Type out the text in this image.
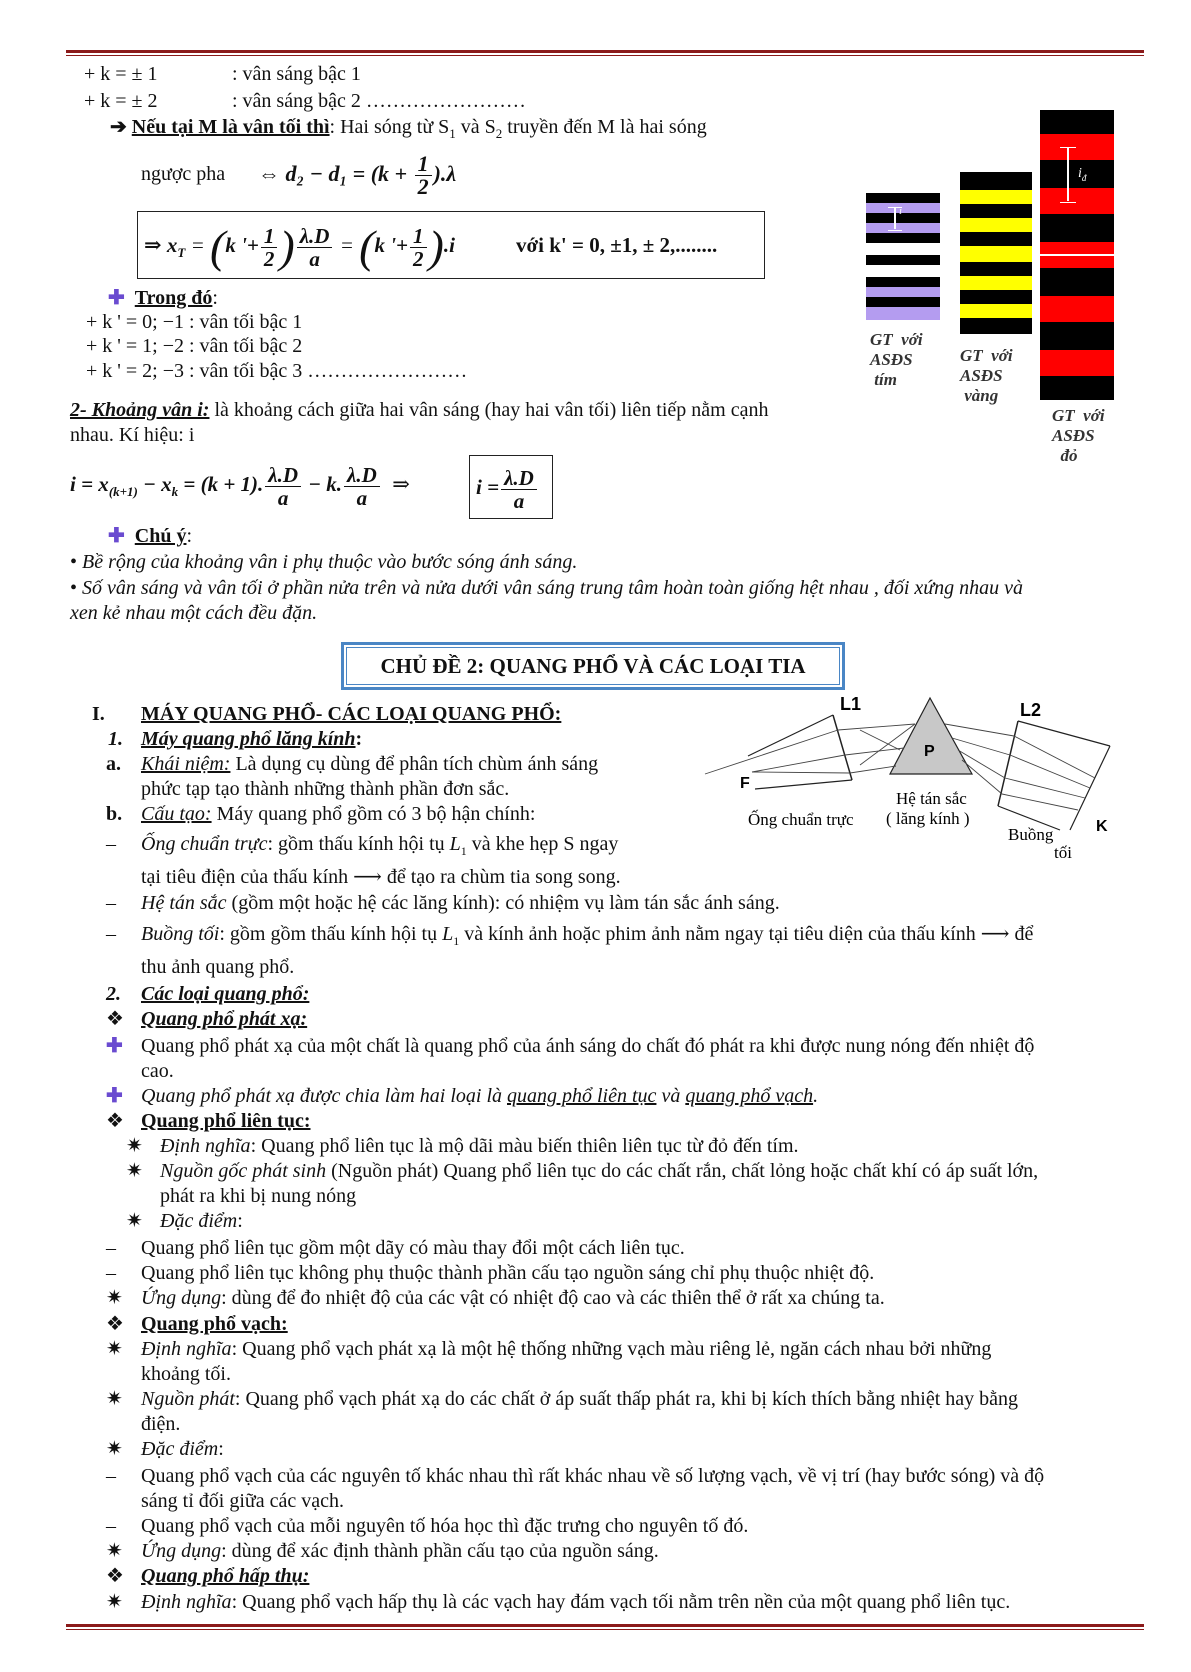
+ k = ± 1	: vân sáng bậc 1
+ k = ± 2	: vân sáng bậc 2 ……………………
➔ Nếu tại M là vân tối thì: Hai sóng từ $S_1$ và $S_2$ truyền đến M là hai sóng
ngược pha ⇔ $d_2 - d_1 = (k + \frac{1}{2} ).\lambda$
⇒ $x_T = (k$ '+ $\frac{1}{2}$ ) $\frac{\lambda.D}{a} = (k$ '+ $\frac{1}{2} ).i$	với k' = 0, ±1, ± 2,........
✚ Trong đó:
+ k ' = 0; −1 : vân tối bậc 1
+ k ' = 1; −2 : vân tối bậc 2
+ k ' = 2; −3 : vân tối bậc 3 ……………………
2- Khoảng vân i: là khoảng cách giữa hai vân sáng (hay hai vân tối) liên tiếp nằm cạnh
nhau. Kí hiệu: i
$i = x_{(k+1)} - x_k = (k + 1)$. $\frac{\lambda.D}{a} - k$. $\frac{\lambda.D}{a}$ ⇒	$i = \frac{\lambda.D}{a}$
✚ Chú ý:
• Bề rộng của khoảng vân i phụ thuộc vào bước sóng ánh sáng.
• Số vân sáng và vân tối ở phần nửa trên và nửa dưới vân sáng trung tâm hoàn toàn giống hệt nhau , đối xứng nhau và
xen kẻ nhau một cách đều đặn.
i
$i_đ$
GT  với
ASĐS
tím
GT  với
ASĐS
vàng
GT  với
ASĐS
đỏ
CHỦ ĐỀ 2: QUANG PHỔ VÀ CÁC LOẠI TIA
I. MÁY QUANG PHỔ- CÁC LOẠI QUANG PHỔ:
1. Máy quang phổ lăng kính:
a. Khái niệm: Là dụng cụ dùng để phân tích chùm ánh sáng
phức tạp tạo thành những thành phần đơn sắc.
b. Cấu tạo: Máy quang phổ gồm có 3 bộ hận chính:
– Ống chuẩn trực: gồm thấu kính hội tụ $L_1$ và khe hẹp S ngay
tại tiêu điện của thấu kính ⟶ để tạo ra chùm tia song song.
– Hệ tán sắc (gồm một hoặc hệ các lăng kính): có nhiệm vụ làm tán sắc ánh sáng.
– Buồng tối: gồm gồm thấu kính hội tụ $L_1$ và kính ảnh hoặc phim ảnh nằm ngay tại tiêu diện của thấu kính ⟶ để
thu ảnh quang phổ.
L1	L2
P
F
K
Ống chuẩn trực
Hệ tán sắc
( lăng kính )
Buồng
tối
2. Các loại quang phổ:
❖ Quang phổ phát xạ:
✚ Quang phổ phát xạ của một chất là quang phổ của ánh sáng do chất đó phát ra khi được nung nóng đến nhiệt độ
cao.
✚ Quang phổ phát xạ được chia làm hai loại là quang phổ liên tục và quang phổ vạch.
❖ Quang phổ liên tục:
✷ Định nghĩa: Quang phổ liên tục là mộ dãi màu biến thiên liên tục từ đỏ đến tím.
✷ Nguồn gốc phát sinh (Nguồn phát) Quang phổ liên tục do các chất rắn, chất lỏng hoặc chất khí có áp suất lớn,
phát ra khi bị nung nóng
✷ Đặc điểm:
– Quang phổ liên tục gồm một dãy có màu thay đổi một cách liên tục.
– Quang phổ liên tục không phụ thuộc thành phần cấu tạo nguồn sáng chỉ phụ thuộc nhiệt độ.
✷ Ứng dụng: dùng để đo nhiệt độ của các vật có nhiệt độ cao và các thiên thể ở rất xa chúng ta.
❖ Quang phổ vạch:
✷ Định nghĩa: Quang phổ vạch phát xạ là một hệ thống những vạch màu riêng lẻ, ngăn cách nhau bởi những
khoảng tối.
✷ Nguồn phát: Quang phổ vạch phát xạ do các chất ở áp suất thấp phát ra, khi bị kích thích bằng nhiệt hay bằng
điện.
✷ Đặc điểm:
– Quang phổ vạch của các nguyên tố khác nhau thì rất khác nhau về số lượng vạch, về vị trí (hay bước sóng) và độ
sáng tỉ đối giữa các vạch.
– Quang phổ vạch của mỗi nguyên tố hóa học thì đặc trưng cho nguyên tố đó.
✷ Ứng dụng: dùng để xác định thành phần cấu tạo của nguồn sáng.
❖ Quang phổ hấp thụ:
✷ Định nghĩa: Quang phổ vạch hấp thụ là các vạch hay đám vạch tối nằm trên nền của một quang phổ liên tục.
